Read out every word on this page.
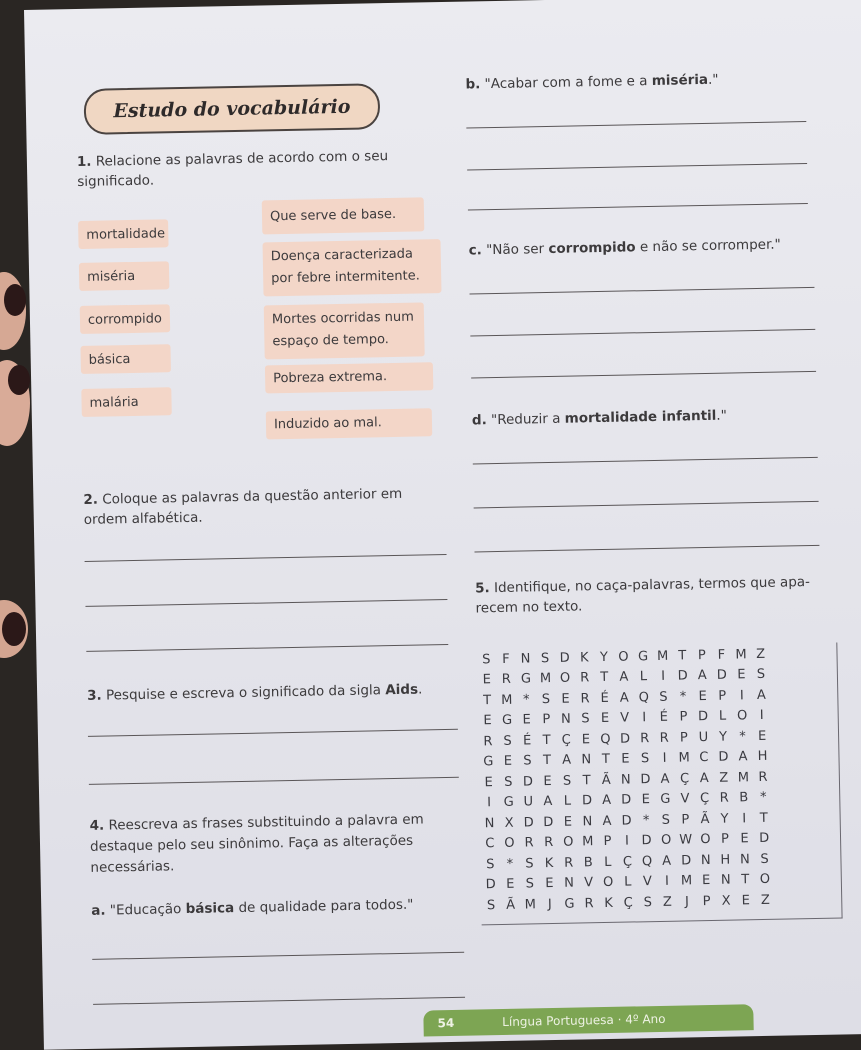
Estudo do vocabulário
1. Relacione as palavras de acordo com o seu
significado.
mortalidade
miséria
corrompido
básica
malária
Que serve de base.
Doença caracterizada
por febre intermitente.
Mortes ocorridas num
espaço de tempo.
Pobreza extrema.
Induzido ao mal.
2. Coloque as palavras da questão anterior em
ordem alfabética.
3. Pesquise e escreva o significado da sigla Aids.
4. Reescreva as frases substituindo a palavra em
destaque pelo seu sinônimo. Faça as alterações
necessárias.
a. "Educação básica de qualidade para todos."
b. "Acabar com a fome e a miséria."
c. "Não ser corrompido e não se corromper."
d. "Reduzir a mortalidade infantil."
5. Identifique, no caça-palavras, termos que apa-
recem no texto.
S F N S D K Y O G M T P F M Z
E R G M O R T A L	I D A D E S
T M * S E R É A Q S * E P	I A
E G E P N S E V I	É P D L O I
R S É T Ç E Q D R R P U Y * E
G E S T A N T E S	I M C D A H
E S D E S T Ã N D A Ç A Z M R
I G U A L D A D E G V Ç R B *
N X D D E N A D * S P Ã Y	I	T
C O R R O M P	I D O W O P E D
S * S K R B L Ç Q A D N H N S
D E S E N V O L V I M E N T O
S Ã M J G R K Ç S Z J	P X E Z
54	Língua Portuguesa · 4º Ano
